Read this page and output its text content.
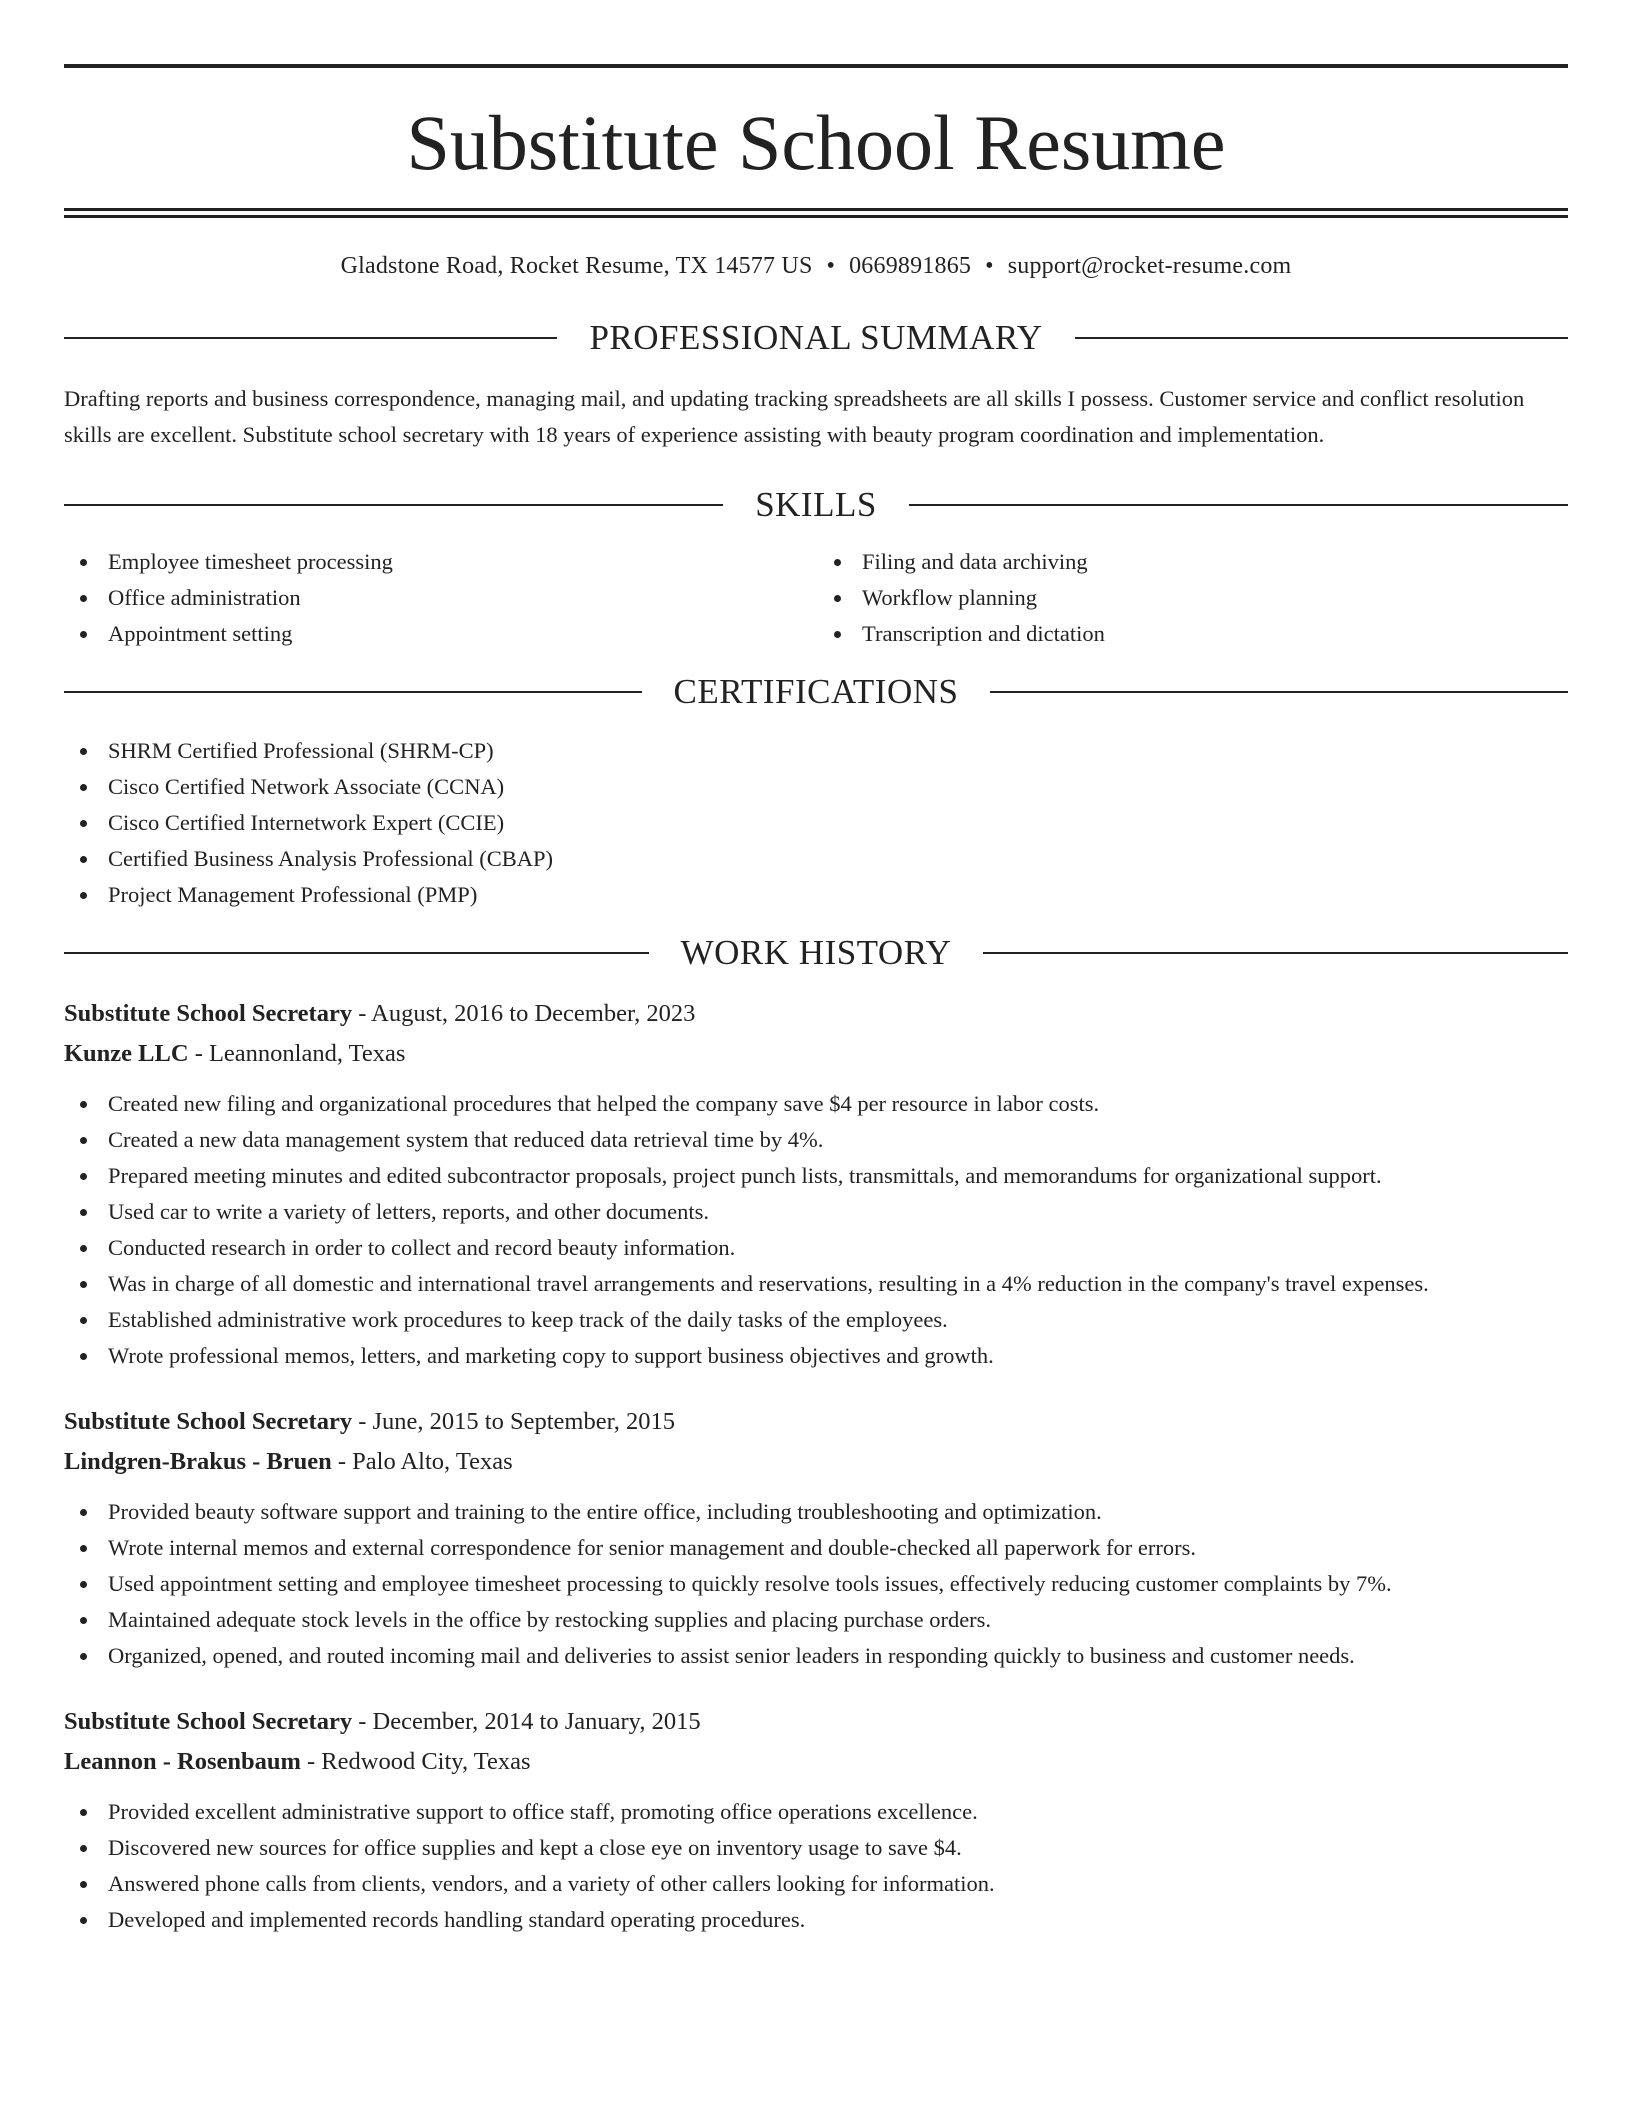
Substitute School Resume
Gladstone Road, Rocket Resume, TX 14577 US • 0669891865 • support@rocket-resume.com
PROFESSIONAL SUMMARY

Drafting reports and business correspondence, managing mail, and updating tracking spreadsheets are all skills I possess. Customer service and conflict resolution skills are excellent. Substitute school secretary with 18 years of experience assisting with beauty program coordination and implementation.

SKILLS
Employee timesheet processing
Office administration
Appointment setting
Filing and data archiving
Workflow planning
Transcription and dictation
CERTIFICATIONS
SHRM Certified Professional (SHRM-CP)
Cisco Certified Network Associate (CCNA)
Cisco Certified Internetwork Expert (CCIE)
Certified Business Analysis Professional (CBAP)
Project Management Professional (PMP)
WORK HISTORY
Substitute School Secretary - August, 2016 to December, 2023
Kunze LLC - Leannonland, Texas
Created new filing and organizational procedures that helped the company save $4 per resource in labor costs.
Created a new data management system that reduced data retrieval time by 4%.
Prepared meeting minutes and edited subcontractor proposals, project punch lists, transmittals, and memorandums for organizational support.
Used car to write a variety of letters, reports, and other documents.
Conducted research in order to collect and record beauty information.
Was in charge of all domestic and international travel arrangements and reservations, resulting in a 4% reduction in the company's travel expenses.
Established administrative work procedures to keep track of the daily tasks of the employees.
Wrote professional memos, letters, and marketing copy to support business objectives and growth.
Substitute School Secretary - June, 2015 to September, 2015
Lindgren-Brakus - Bruen - Palo Alto, Texas
Provided beauty software support and training to the entire office, including troubleshooting and optimization.
Wrote internal memos and external correspondence for senior management and double-checked all paperwork for errors.
Used appointment setting and employee timesheet processing to quickly resolve tools issues, effectively reducing customer complaints by 7%.
Maintained adequate stock levels in the office by restocking supplies and placing purchase orders.
Organized, opened, and routed incoming mail and deliveries to assist senior leaders in responding quickly to business and customer needs.
Substitute School Secretary - December, 2014 to January, 2015
Leannon - Rosenbaum - Redwood City, Texas
Provided excellent administrative support to office staff, promoting office operations excellence.
Discovered new sources for office supplies and kept a close eye on inventory usage to save $4.
Answered phone calls from clients, vendors, and a variety of other callers looking for information.
Developed and implemented records handling standard operating procedures.
